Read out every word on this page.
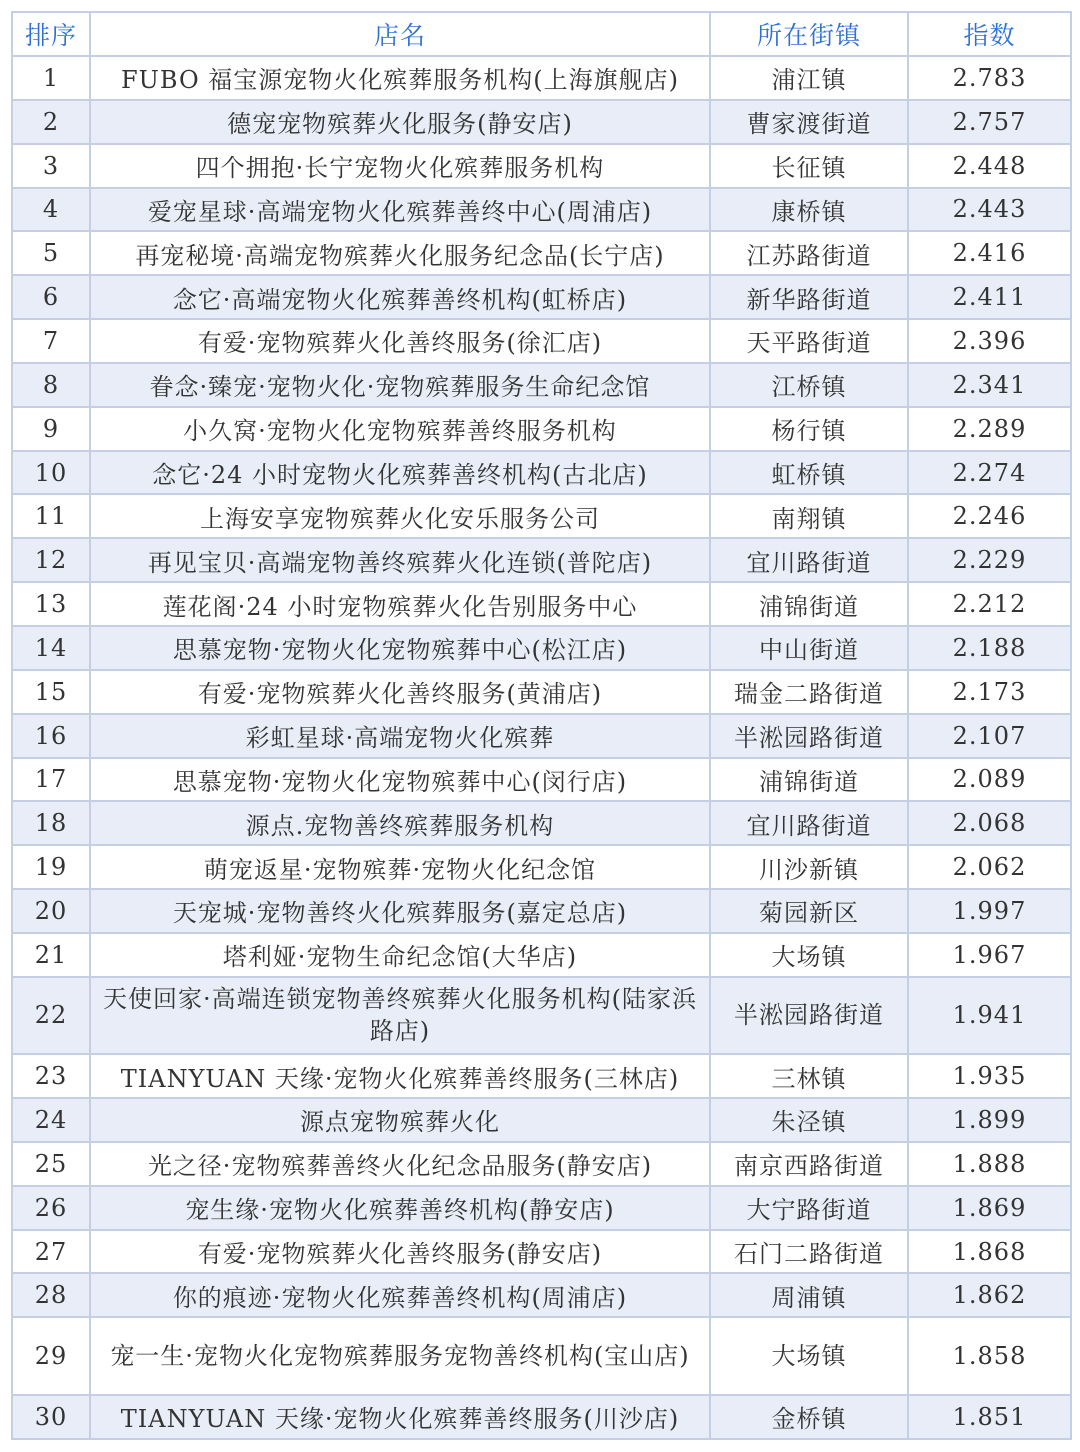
排序	店名	所在街镇	指数
1	FUBO 福宝源宠物火化殡葬服务机构(上海旗舰店)	浦江镇	2.783
2	德宠宠物殡葬火化服务(静安店)	曹家渡街道	2.757
3	四个拥抱·长宁宠物火化殡葬服务机构	长征镇	2.448
4	爱宠星球·高端宠物火化殡葬善终中心(周浦店)	康桥镇	2.443
5	再宠秘境·高端宠物殡葬火化服务纪念品(长宁店)	江苏路街道	2.416
6	念它·高端宠物火化殡葬善终机构(虹桥店)	新华路街道	2.411
7	有爱·宠物殡葬火化善终服务(徐汇店)	天平路街道	2.396
8	眷念·臻宠·宠物火化·宠物殡葬服务生命纪念馆	江桥镇	2.341
9	小久窝·宠物火化宠物殡葬善终服务机构	杨行镇	2.289
10	念它·24 小时宠物火化殡葬善终机构(古北店)	虹桥镇	2.274
11	上海安享宠物殡葬火化安乐服务公司	南翔镇	2.246
12	再见宝贝·高端宠物善终殡葬火化连锁(普陀店)	宜川路街道	2.229
13	莲花阁·24 小时宠物殡葬火化告别服务中心	浦锦街道	2.212
14	思慕宠物·宠物火化宠物殡葬中心(松江店)	中山街道	2.188
15	有爱·宠物殡葬火化善终服务(黄浦店)	瑞金二路街道	2.173
16	彩虹星球·高端宠物火化殡葬	半淞园路街道	2.107
17	思慕宠物·宠物火化宠物殡葬中心(闵行店)	浦锦街道	2.089
18	源点.宠物善终殡葬服务机构	宜川路街道	2.068
19	萌宠返星·宠物殡葬·宠物火化纪念馆	川沙新镇	2.062
20	天宠城·宠物善终火化殡葬服务(嘉定总店)	菊园新区	1.997
21	塔利娅·宠物生命纪念馆(大华店)	大场镇	1.967
22	天使回家·高端连锁宠物善终殡葬火化服务机构(陆家浜路店)	半淞园路街道	1.941
23	TIANYUAN 天缘·宠物火化殡葬善终服务(三林店)	三林镇	1.935
24	源点宠物殡葬火化	朱泾镇	1.899
25	光之径·宠物殡葬善终火化纪念品服务(静安店)	南京西路街道	1.888
26	宠生缘·宠物火化殡葬善终机构(静安店)	大宁路街道	1.869
27	有爱·宠物殡葬火化善终服务(静安店)	石门二路街道	1.868
28	你的痕迹·宠物火化殡葬善终机构(周浦店)	周浦镇	1.862
29	宠一生·宠物火化宠物殡葬服务宠物善终机构(宝山店)	大场镇	1.858
30	TIANYUAN 天缘·宠物火化殡葬善终服务(川沙店)	金桥镇	1.851
